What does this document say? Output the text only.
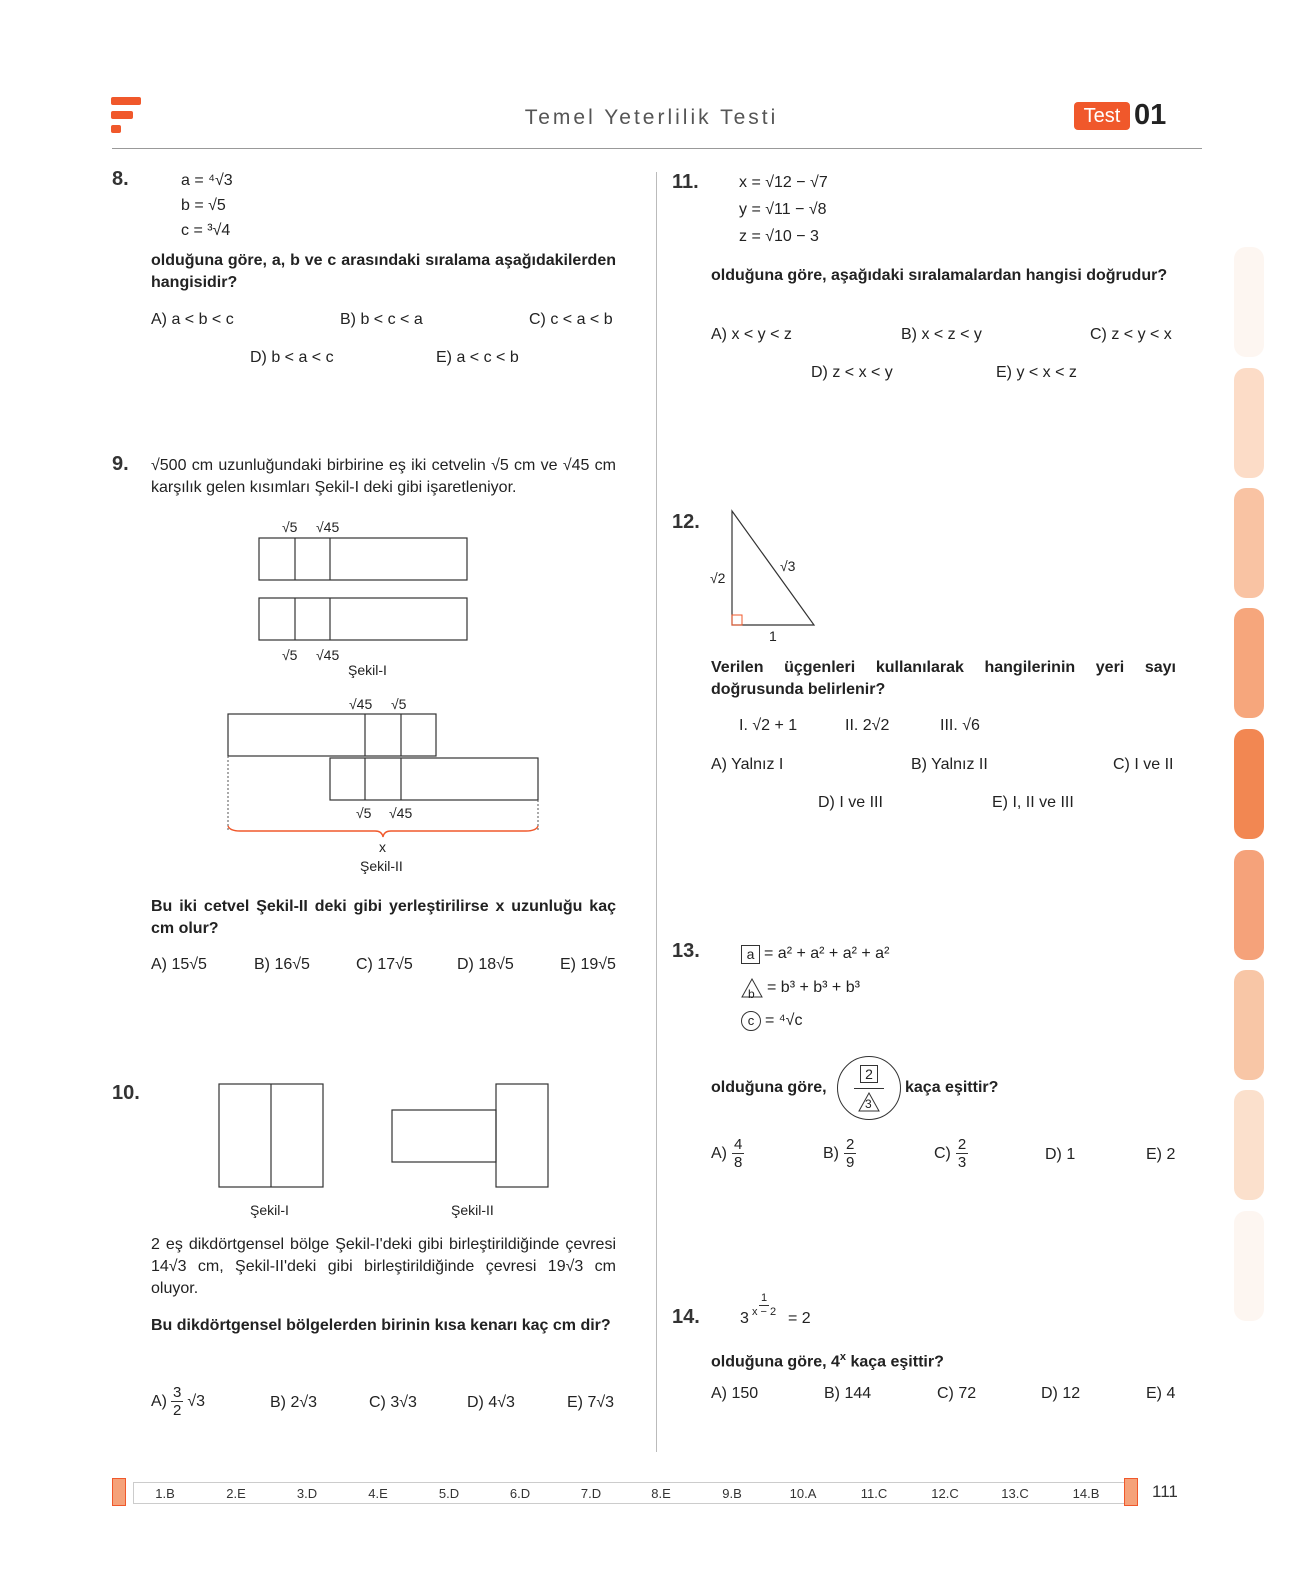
Temel Yeterlilik Testi	Test 01
8.	a = ⁴√3
b = √5
c = ³√4
olduğuna göre, a, b ve c arasındaki sıralama aşağıdakilerden hangisidir?
A) a < b < c	B) b < c < a	C) c < a < b
D) b < a < c	E) a < c < b
9. √500 cm uzunluğundaki birbirine eş iki cetvelin √5 cm ve √45 cm karşılık gelen kısımları Şekil-I deki gibi işaretleniyor.
√5 √45
√5 √45
Şekil-I
√45 √5
√5 √45
x
Şekil-II
Bu iki cetvel Şekil-II deki gibi yerleştirilirse x uzunluğu kaç cm olur?
A) 15√5	B) 16√5	C) 17√5	D) 18√5	E) 19√5
10.
Şekil-I	Şekil-II
2 eş dikdörtgensel bölge Şekil-I'deki gibi birleştirildiğinde çevresi 14√3 cm, Şekil-II'deki gibi birleştirildiğinde çevresi 19√3 cm oluyor.
Bu dikdörtgensel bölgelerden birinin kısa kenarı kaç cm dir?
$A) \frac{3}{2} √3$	B) 2√3	C) 3√3	D) 4√3	E) 7√3
11.	x = √12 − √7
y = √11 − √8
z = √10 − 3
olduğuna göre, aşağıdaki sıralamalardan hangisi doğrudur?
A) x < y < z	B) x < z < y	C) z < y < x
D) z < x < y	E) y < x < z
12.
√2
√3
1
Verilen üçgenleri kullanılarak hangilerinin yeri sayı doğrusunda belirlenir?
I. √2 + 1	II. 2√2	III. √6
A) Yalnız I	B) Yalnız II	C) I ve II
D) I ve III	E) I, II ve III
13.	a = a² + a² + a² + a²
b = b³ + b³ + b³
c = ⁴√c
olduğuna göre,
2
3
kaça eşittir?
$A) \frac{4}{8}$	$B) \frac{2}{9}$	$C) \frac{2}{3}$	D) 1	E) 2
14.	$3 \frac{1}{x - 2} = 2$
olduğuna göre, 4$^x$ kaça eşittir?
A) 150	B) 144	C) 72	D) 12	E) 4
1.B	2.E	3.D	4.E	5.D	6.D	7.D	8.E	9.B	10.A	11.C	12.C	13.C	14.B	111
